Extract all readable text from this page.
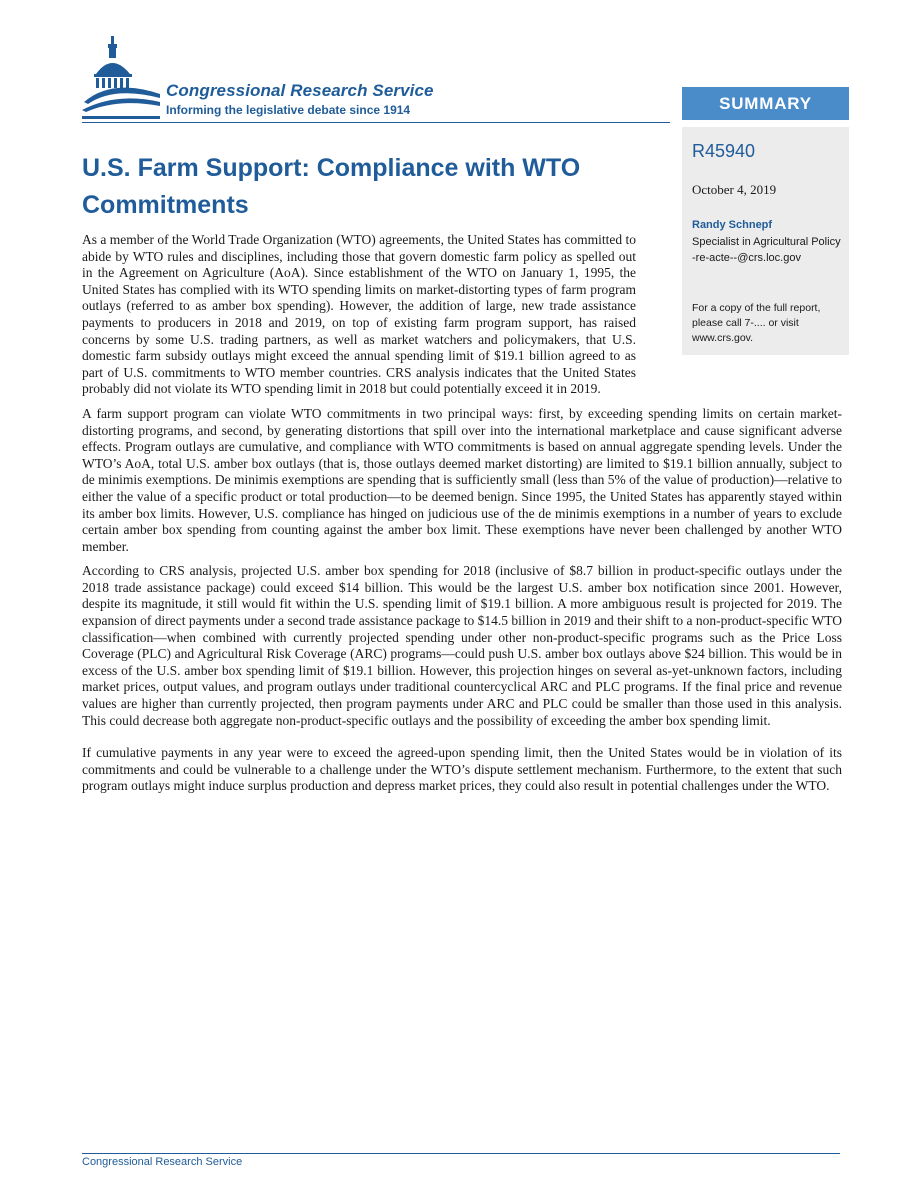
Congressional Research Service
Informing the legislative debate since 1914	SUMMARY
R45940
October 4, 2019
Randy Schnepf
Specialist in Agricultural Policy
-re-acte--@crs.loc.gov
For a copy of the full report, please call 7-.... or visit www.crs.gov.
U.S. Farm Support: Compliance with WTO Commitments

As a member of the World Trade Organization (WTO) agreements, the United States has committed to abide by WTO rules and disciplines, including those that govern domestic farm policy as spelled out in the Agreement on Agriculture (AoA). Since establishment of the WTO on January 1, 1995, the United States has complied with its WTO spending limits on market-distorting types of farm program outlays (referred to as amber box spending). However, the addition of large, new trade assistance payments to producers in 2018 and 2019, on top of existing farm program support, has raised concerns by some U.S. trading partners, as well as market watchers and policymakers, that U.S. domestic farm subsidy outlays might exceed the annual spending limit of $19.1 billion agreed to as part of U.S. commitments to WTO member countries. CRS analysis indicates that the United States probably did not violate its WTO spending limit in 2018 but could potentially exceed it in 2019.

A farm support program can violate WTO commitments in two principal ways: first, by exceeding spending limits on certain market-distorting programs, and second, by generating distortions that spill over into the international marketplace and cause significant adverse effects. Program outlays are cumulative, and compliance with WTO commitments is based on annual aggregate spending levels. Under the WTO’s AoA, total U.S. amber box outlays (that is, those outlays deemed market distorting) are limited to $19.1 billion annually, subject to de minimis exemptions. De minimis exemptions are spending that is sufficiently small (less than 5% of the value of production)—relative to either the value of a specific product or total production—to be deemed benign. Since 1995, the United States has apparently stayed within its amber box limits. However, U.S. compliance has hinged on judicious use of the de minimis exemptions in a number of years to exclude certain amber box spending from counting against the amber box limit. These exemptions have never been challenged by another WTO member.

According to CRS analysis, projected U.S. amber box spending for 2018 (inclusive of $8.7 billion in product-specific outlays under the 2018 trade assistance package) could exceed $14 billion. This would be the largest U.S. amber box notification since 2001. However, despite its magnitude, it still would fit within the U.S. spending limit of $19.1 billion. A more ambiguous result is projected for 2019. The expansion of direct payments under a second trade assistance package to $14.5 billion in 2019 and their shift to a non-product-specific WTO classification—when combined with currently projected spending under other non-product-specific programs such as the Price Loss Coverage (PLC) and Agricultural Risk Coverage (ARC) programs—could push U.S. amber box outlays above $24 billion. This would be in excess of the U.S. amber box spending limit of $19.1 billion. However, this projection hinges on several as-yet-unknown factors, including market prices, output values, and program outlays under traditional countercyclical ARC and PLC programs. If the final price and revenue values are higher than currently projected, then program payments under ARC and PLC could be smaller than those used in this analysis. This could decrease both aggregate non-product-specific outlays and the possibility of exceeding the amber box spending limit.

If cumulative payments in any year were to exceed the agreed-upon spending limit, then the United States would be in violation of its commitments and could be vulnerable to a challenge under the WTO’s dispute settlement mechanism. Furthermore, to the extent that such program outlays might induce surplus production and depress market prices, they could also result in potential challenges under the WTO.

Congressional Research Service
